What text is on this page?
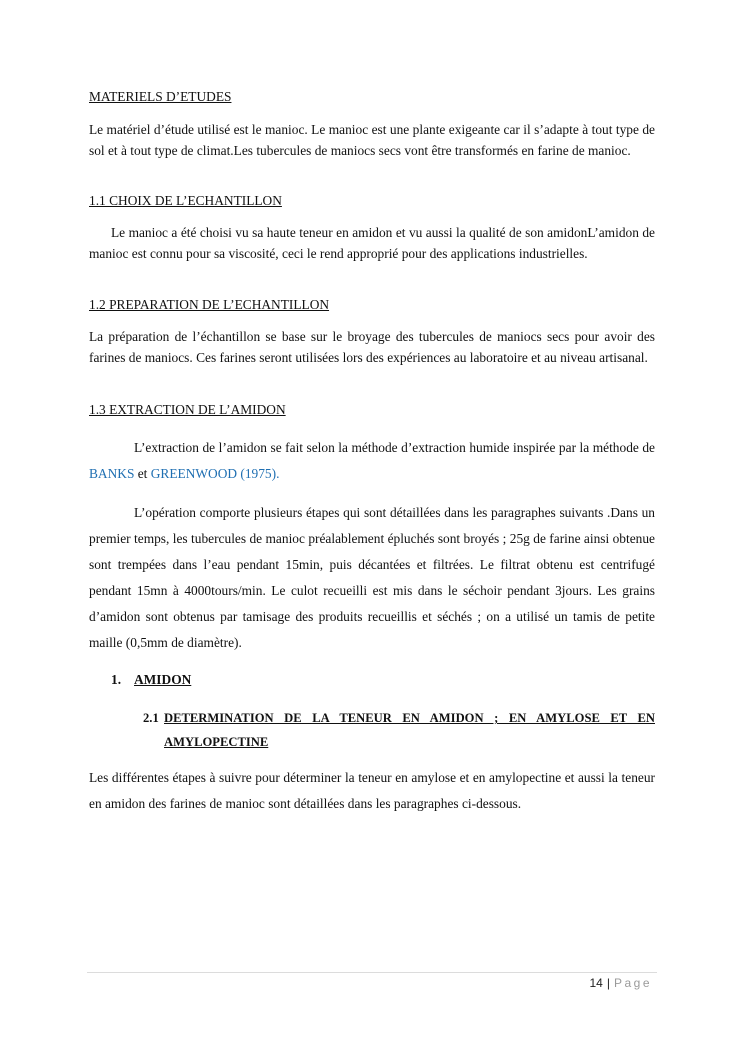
MATERIELS D’ETUDES

Le matériel d’étude utilisé est le manioc. Le manioc est une plante exigeante car il s’adapte à tout type de sol et à tout type de climat.Les tubercules de maniocs secs vont être transformés en farine de manioc.

1.1 CHOIX DE L’ECHANTILLON

Le manioc a été choisi vu sa haute teneur en amidon et vu aussi la qualité de son amidonL’amidon de manioc est connu pour sa viscosité, ceci le rend approprié pour des applications industrielles.

1.2 PREPARATION DE L’ECHANTILLON

La préparation de l’échantillon se base sur le broyage des tubercules de maniocs secs pour avoir des farines de maniocs. Ces farines seront utilisées lors des expériences au laboratoire et au niveau artisanal.

1.3 EXTRACTION DE L’AMIDON

L’extraction de l’amidon se fait selon la méthode d’extraction humide inspirée par la méthode de BANKS et GREENWOOD (1975).

L’opération comporte plusieurs étapes qui sont détaillées dans les paragraphes suivants .Dans un premier temps, les tubercules de manioc préalablement épluchés sont broyés ; 25g de farine ainsi obtenue sont trempées dans l’eau pendant 15min, puis décantées et filtrées. Le filtrat obtenu est centrifugé pendant 15mn à 4000tours/min. Le culot recueilli est mis dans le séchoir pendant 3jours. Les grains d’amidon sont obtenus par tamisage des produits recueillis et séchés ; on a utilisé un tamis de petite maille (0,5mm de diamètre).

1. AMIDON
2.1 DETERMINATION DE LA TENEUR EN AMIDON ; EN AMYLOSE ET EN AMYLOPECTINE

Les différentes étapes à suivre pour déterminer la teneur en amylose et en amylopectine et aussi la teneur en amidon des farines de manioc sont détaillées dans les paragraphes ci-dessous.

14 | Page
